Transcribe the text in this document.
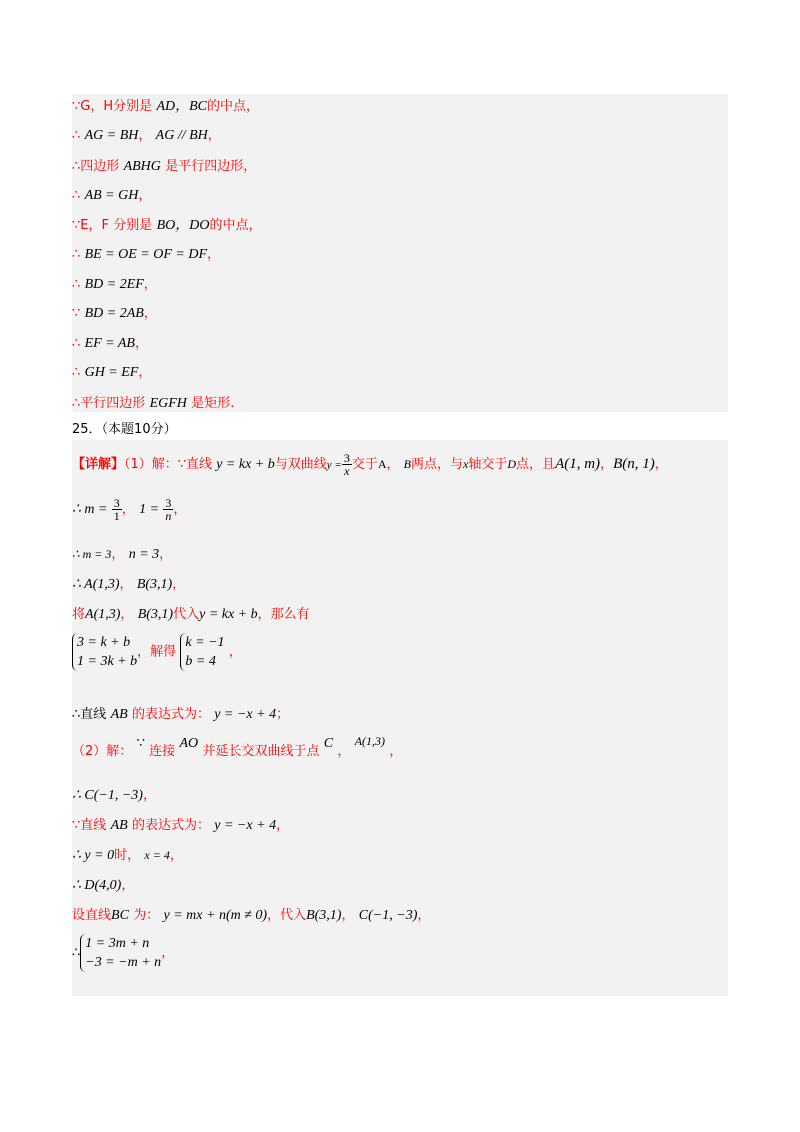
∵G，H分别是 AD，BC的中点，
∴ AG = BH， AG // BH，
∴四边形 ABHG 是平行四边形，
∴ AB = GH，
∵E，F 分别是 BO，DO的中点，
∴ BE = OE = OF = DF，
∴ BD = 2EF，
∵ BD = 2AB，
∴ EF = AB，
∴ GH = EF，
∴平行四边形 EGFH 是矩形.
25．（本题10分）
【详解】（1）解：∵直线 y = kx + b与双曲线$y = \frac{3}{x}$ 交于A， B两点，与x轴交于D点，且A(1, m)，B(n, 1)，
∴ $m = \frac{3}{1}$ ， $1 = \frac{3}{n}$ ，
∴ m = 3， n = 3，
∴ A(1,3)， B(3,1)，
将A(1,3)， B(3,1)代入y = kx + b，那么有
3 = k + b
1 = 3k + b
，解得
k = −1
b = 4
，
∴直线 AB 的表达式为： y = −x + 4；
（2）解： ∵ 连接 AO 并延长交双曲线于点 C ， A(1,3) ，
∴ C(−1, −3)，
∵直线 AB 的表达式为： y = −x + 4，
∴ y = 0时， x = 4，
∴ D(4,0)，
设直线BC 为： y = mx + n(m ≠ 0)，代入B(3,1)， C(−1, −3)，
∴
1 = 3m + n
−3 = −m + n
，
